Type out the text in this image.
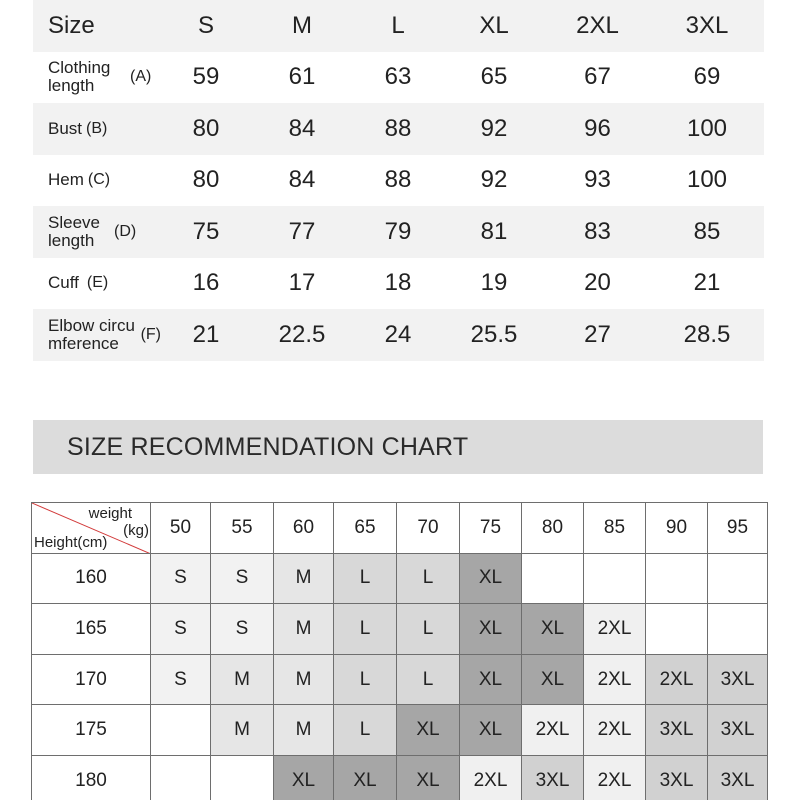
Size	S	M	L	XL	2XL	3XL

Clothing length (A)	59	61	63	65	67	69

Bust (B)	80	84	88	92	96	100

Hem (C)	80	84	88	92	93	100

Sleeve length (D)	75	77	79	81	83	85

Cuff (E)	16	17	18	19	20	21

Elbow circumference (F)	21	22.5	24	25.5	27	28.5
SIZE RECOMMENDATION CHART
weight
(kg)
Height(cm)	50	55	60	65	70	75	80	85	90	95
160	S	S	M	L	L	XL				
165	S	S	M	L	L	XL	XL	2XL		
170	S	M	M	L	L	XL	XL	2XL	2XL	3XL
175		M	M	L	XL	XL	2XL	2XL	3XL	3XL
180			XL	XL	XL	2XL	3XL	2XL	3XL	3XL
